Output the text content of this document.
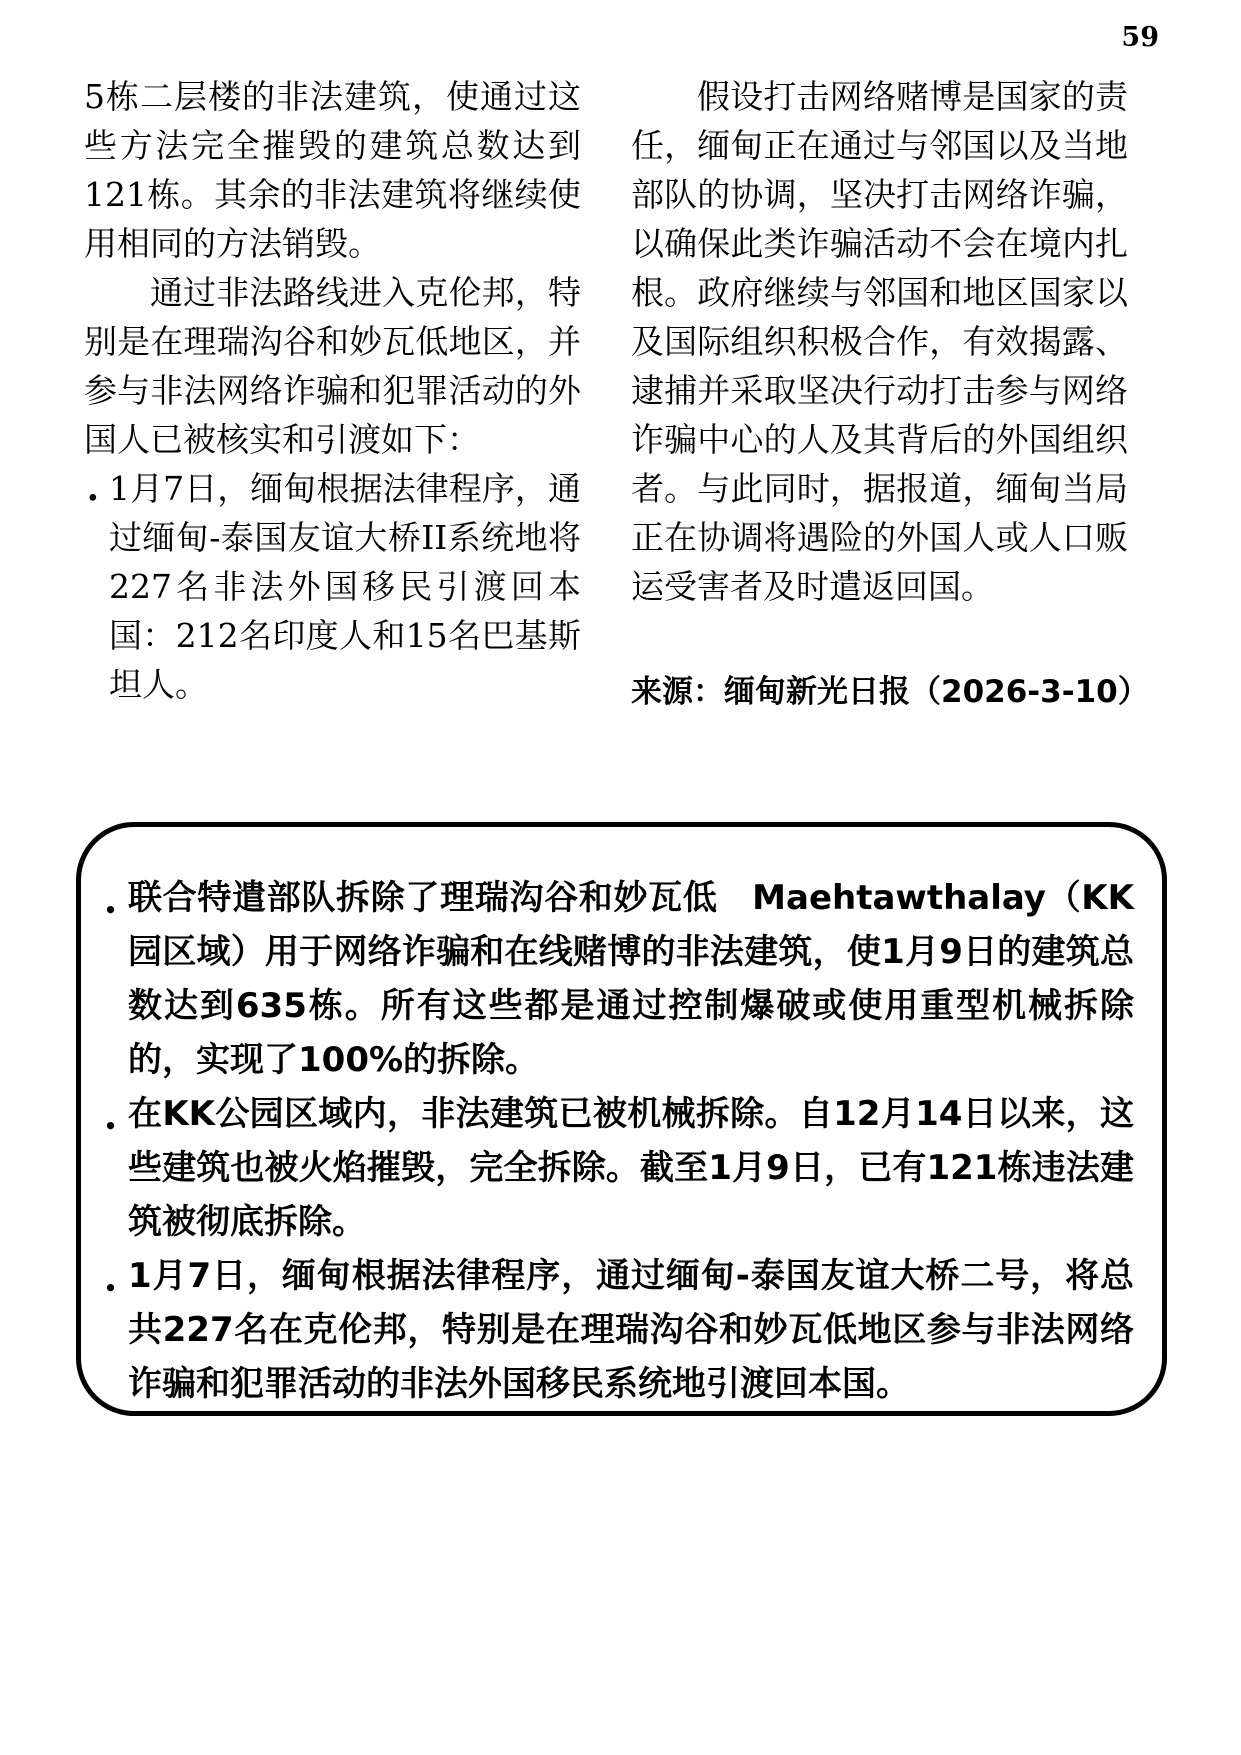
59

5栋二层楼的非法建筑，使通过这些方法完全摧毁的建筑总数达到121栋。其余的非法建筑将继续使用相同的方法销毁。

通过非法路线进入克伦邦，特别是在理瑞沟谷和妙瓦低地区，并参与非法网络诈骗和犯罪活动的外国人已被核实和引渡如下：

• 1月7日，缅甸根据法律程序，通过缅甸-泰国友谊大桥II系统地将227名非法外国移民引渡回本国：212名印度人和15名巴基斯坦人。

假设打击网络赌博是国家的责任，缅甸正在通过与邻国以及当地部队的协调，坚决打击网络诈骗，以确保此类诈骗活动不会在境内扎根。政府继续与邻国和地区国家以及国际组织积极合作，有效揭露、逮捕并采取坚决行动打击参与网络诈骗中心的人及其背后的外国组织者。与此同时，据报道，缅甸当局正在协调将遇险的外国人或人口贩运受害者及时遣返回国。

来源：缅甸新光日报（2026-3-10）
• 联合特遣部队拆除了理瑞沟谷和妙瓦低　Maehtawthalay（KK园区域）用于网络诈骗和在线赌博的非法建筑，使1月9日的建筑总数达到635栋。所有这些都是通过控制爆破或使用重型机械拆除的，实现了100%的拆除。
• 在KK公园区域内，非法建筑已被机械拆除。自12月14日以来，这些建筑也被火焰摧毁，完全拆除。截至1月9日，已有121栋违法建筑被彻底拆除。
• 1月7日，缅甸根据法律程序，通过缅甸-泰国友谊大桥二号，将总共227名在克伦邦，特别是在理瑞沟谷和妙瓦低地区参与非法网络诈骗和犯罪活动的非法外国移民系统地引渡回本国。
